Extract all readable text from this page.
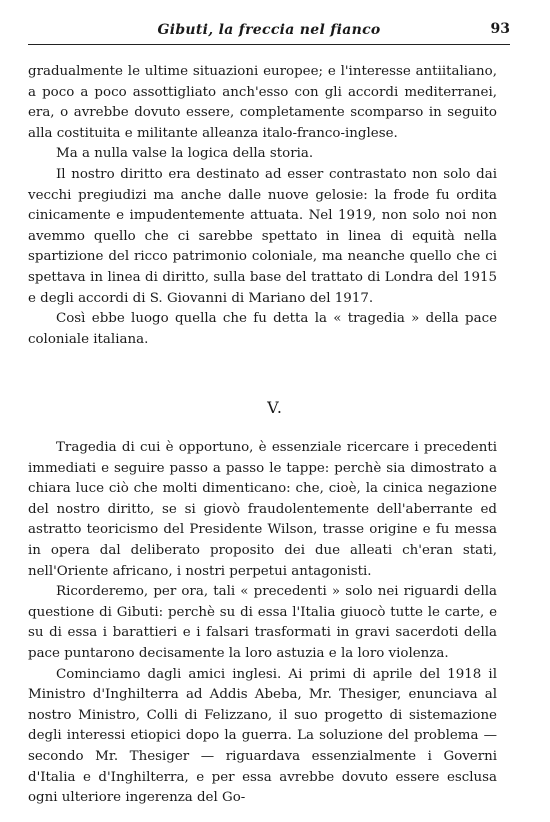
Gibuti, la freccia nel fianco	93

gradualmente le ultime situazioni europee; e l'interesse antiitaliano, a poco a poco assottigliato anch'esso con gli accordi mediterranei, era, o avrebbe dovuto essere, completamente scomparso in seguito alla costituita e militante alleanza italo-franco-inglese.

Ma a nulla valse la logica della storia.

Il nostro diritto era destinato ad esser contrastato non solo dai vecchi pregiudizi ma anche dalle nuove gelosie: la frode fu ordita cinicamente e impudentemente attuata. Nel 1919, non solo noi non avemmo quello che ci sarebbe spettato in linea di equità nella spartizione del ricco patrimonio coloniale, ma neanche quello che ci spettava in linea di diritto, sulla base del trattato di Londra del 1915 e degli accordi di S. Giovanni di Mariano del 1917.

Così ebbe luogo quella che fu detta la « tragedia » della pace coloniale italiana.

V.

Tragedia di cui è opportuno, è essenziale ricercare i precedenti immediati e seguire passo a passo le tappe: perchè sia dimostrato a chiara luce ciò che molti dimenticano: che, cioè, la cinica negazione del nostro diritto, se si giovò fraudolentemente dell'aberrante ed astratto teoricismo del Presidente Wilson, trasse origine e fu messa in opera dal deliberato proposito dei due alleati ch'eran stati, nell'Oriente africano, i nostri perpetui antagonisti.

Ricorderemo, per ora, tali « precedenti » solo nei riguardi della questione di Gibuti: perchè su di essa l'Italia giuocò tutte le carte, e su di essa i barattieri e i falsari trasformati in gravi sacerdoti della pace puntarono decisamente la loro astuzia e la loro violenza.

Cominciamo dagli amici inglesi. Ai primi di aprile del 1918 il Ministro d'Inghilterra ad Addis Abeba, Mr. Thesiger, enunciava al nostro Ministro, Colli di Felizzano, il suo progetto di sistemazione degli interessi etiopici dopo la guerra. La soluzione del problema — secondo Mr. Thesiger — riguardava essenzialmente i Governi d'Italia e d'Inghilterra, e per essa avrebbe dovuto essere esclusa ogni ulteriore ingerenza del Go-
